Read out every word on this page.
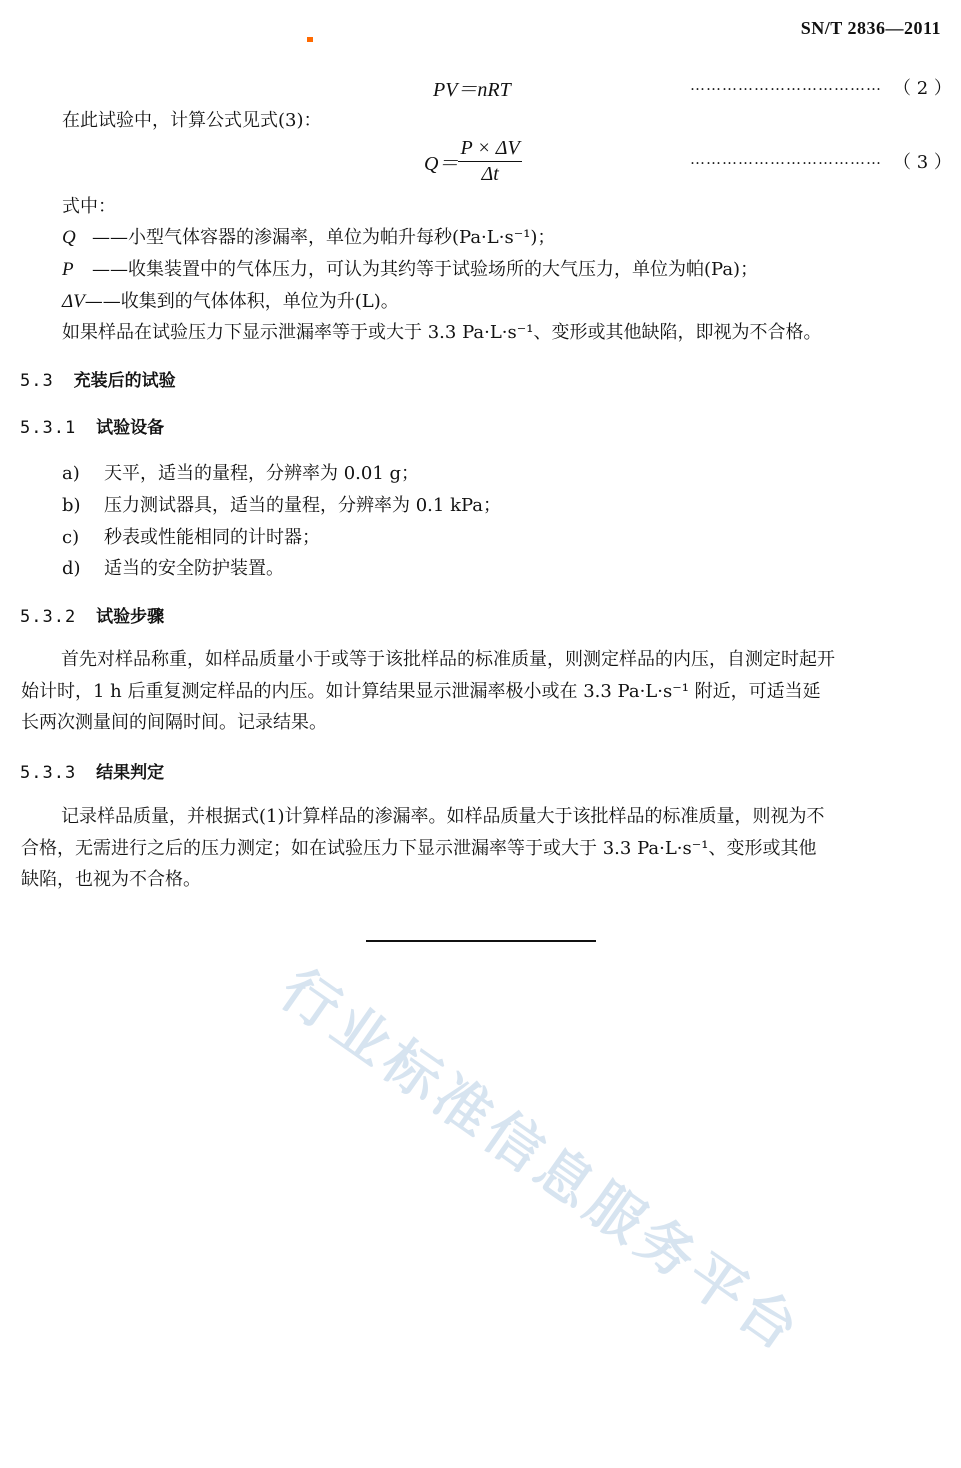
SN/T 2836—2011
PV＝nRT	……………………………… （ 2 ）
在此试验中，计算公式见式(3)：
$Q= \frac{P \times \Delta V}{\Delta t}$	……………………………… （ 3 ）
式中：
Q ——小型气体容器的渗漏率，单位为帕升每秒(Pa·L·s⁻¹)；
P ——收集装置中的气体压力，可认为其约等于试验场所的大气压力，单位为帕(Pa)；
ΔV——收集到的气体体积，单位为升(L)。
如果样品在试验压力下显示泄漏率等于或大于 3.3 Pa·L·s⁻¹、变形或其他缺陷，即视为不合格。
5.3 充装后的试验
5.3.1 试验设备
a) 天平，适当的量程，分辨率为 0.01 g；
b) 压力测试器具，适当的量程，分辨率为 0.1 kPa；
c) 秒表或性能相同的计时器；
d) 适当的安全防护装置。
5.3.2 试验步骤
首先对样品称重，如样品质量小于或等于该批样品的标准质量，则测定样品的内压，自测定时起开
始计时，1 h 后重复测定样品的内压。如计算结果显示泄漏率极小或在 3.3 Pa·L·s⁻¹ 附近，可适当延
长两次测量间的间隔时间。记录结果。
5.3.3 结果判定
记录样品质量，并根据式(1)计算样品的渗漏率。如样品质量大于该批样品的标准质量，则视为不
合格，无需进行之后的压力测定；如在试验压力下显示泄漏率等于或大于 3.3 Pa·L·s⁻¹、变形或其他
缺陷，也视为不合格。
行业标准信息服务平台
